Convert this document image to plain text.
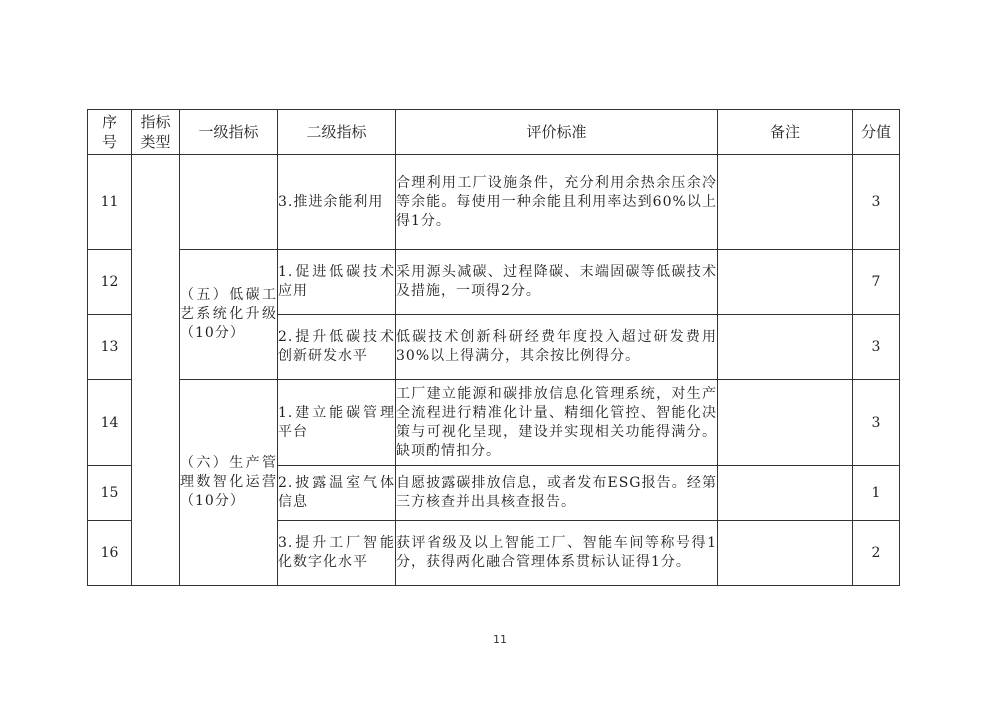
序号	指标类型	一级指标	二级指标	评价标准	备注	分值
11			3.推进余能利用	合理利用工厂设施条件，充分利用余热余压余冷等余能。每使用一种余能且利用率达到60%以上得1分。		3
12		（五）低碳工艺系统化升级（10分）	1.促进低碳技术应用	采用源头减碳、过程降碳、末端固碳等低碳技术及措施，一项得2分。		7
13			2.提升低碳技术创新研发水平	低碳技术创新科研经费年度投入超过研发费用30%以上得满分，其余按比例得分。		3
14		（六）生产管理数智化运营（10分）	1.建立能碳管理平台	工厂建立能源和碳排放信息化管理系统，对生产全流程进行精准化计量、精细化管控、智能化决策与可视化呈现，建设并实现相关功能得满分。缺项酌情扣分。		3
15			2.披露温室气体信息	自愿披露碳排放信息，或者发布ESG报告。经第三方核查并出具核查报告。		1
16			3.提升工厂智能化数字化水平	获评省级及以上智能工厂、智能车间等称号得1分，获得两化融合管理体系贯标认证得1分。		2
11
